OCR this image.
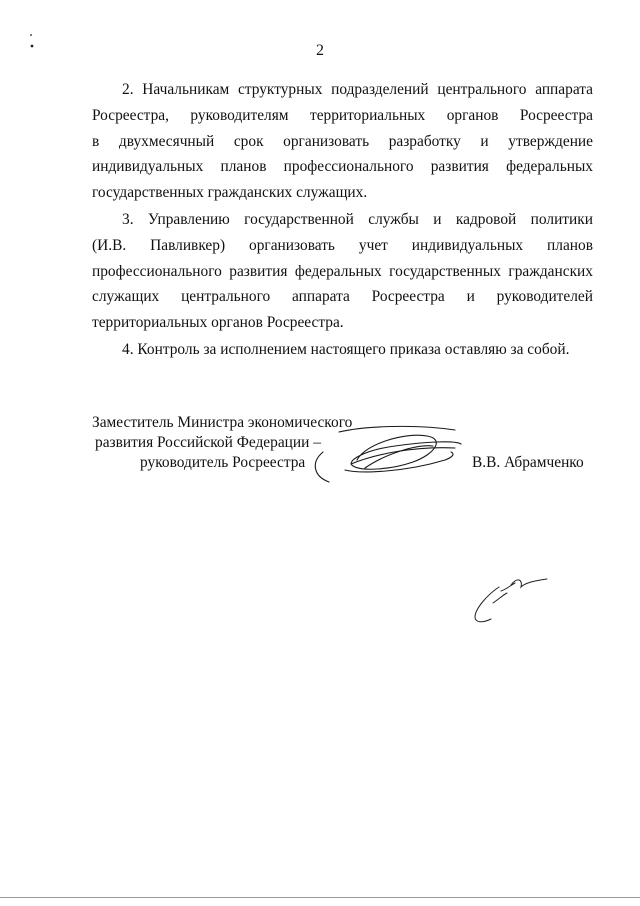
2
2. Начальникам структурных подразделений центрального аппарата
Росреестра, руководителям территориальных органов Росреестра
в двухмесячный срок организовать разработку и утверждение
индивидуальных планов профессионального развития федеральных
государственных гражданских служащих.
3. Управлению государственной службы и кадровой политики
(И.В. Павливкер) организовать учет индивидуальных планов
профессионального развития федеральных государственных гражданских
служащих центрального аппарата Росреестра и руководителей
территориальных органов Росреестра.
4. Контроль за исполнением настоящего приказа оставляю за собой.
Заместитель Министра экономического
развития Российской Федерации –
руководитель Росреестра	В.В. Абрамченко
